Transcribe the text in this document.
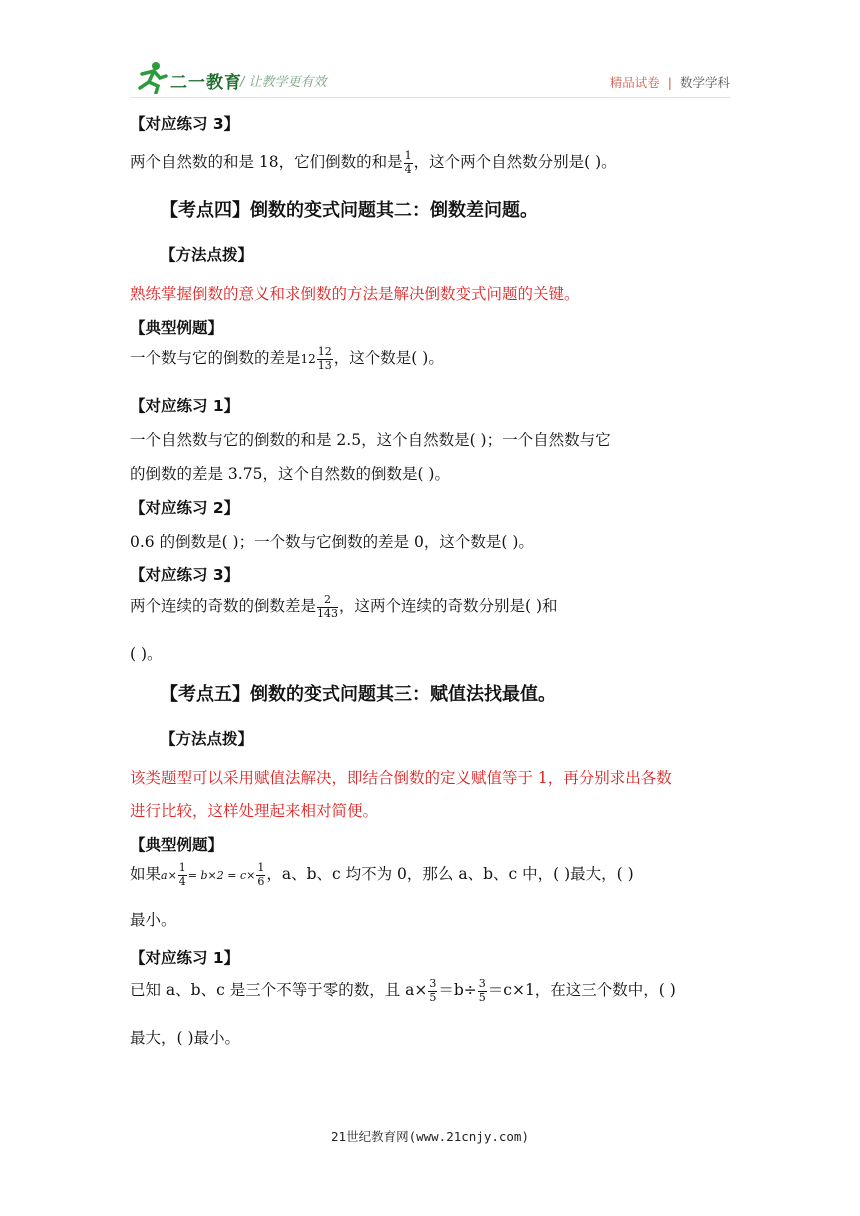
二一教育
/ 让教学更有效	精品试卷 | 数学学科
【对应练习 3】
两个自然数的和是 18，它们倒数的和是 $\frac{1}{4}$ ，这个两个自然数分别是( )。
【考点四】倒数的变式问题其二：倒数差问题。
【方法点拨】
熟练掌握倒数的意义和求倒数的方法是解决倒数变式问题的关键。
【典型例题】
一个数与它的倒数的差是$12 \frac{12}{13}$ ，这个数是( )。
【对应练习 1】
一个自然数与它的倒数的和是 2.5，这个自然数是( )；一个自然数与它
的倒数的差是 3.75，这个自然数的倒数是( )。
【对应练习 2】
0.6 的倒数是( )；一个数与它倒数的差是 0，这个数是( )。
【对应练习 3】
两个连续的奇数的倒数差是 $\frac{2}{143}$ ，这两个连续的奇数分别是( )和
( )。
【考点五】倒数的变式问题其三：赋值法找最值。
【方法点拨】
该类题型可以采用赋值法解决，即结合倒数的定义赋值等于 1，再分别求出各数
进行比较，这样处理起来相对简便。
【典型例题】
如果$a\times \frac{1}{4} = b\times 2 = c\times \frac{1}{6}$ ，a、b、c 均不为 0，那么 a、b、c 中，( )最大，( )
最小。
【对应练习 1】
已知 a、b、c 是三个不等于零的数，且 $a\times \frac{3}{5} =b\div \frac{3}{5} =c\times 1$，在这三个数中，( )
最大，( )最小。
21世纪教育网(www.21cnjy.com)
